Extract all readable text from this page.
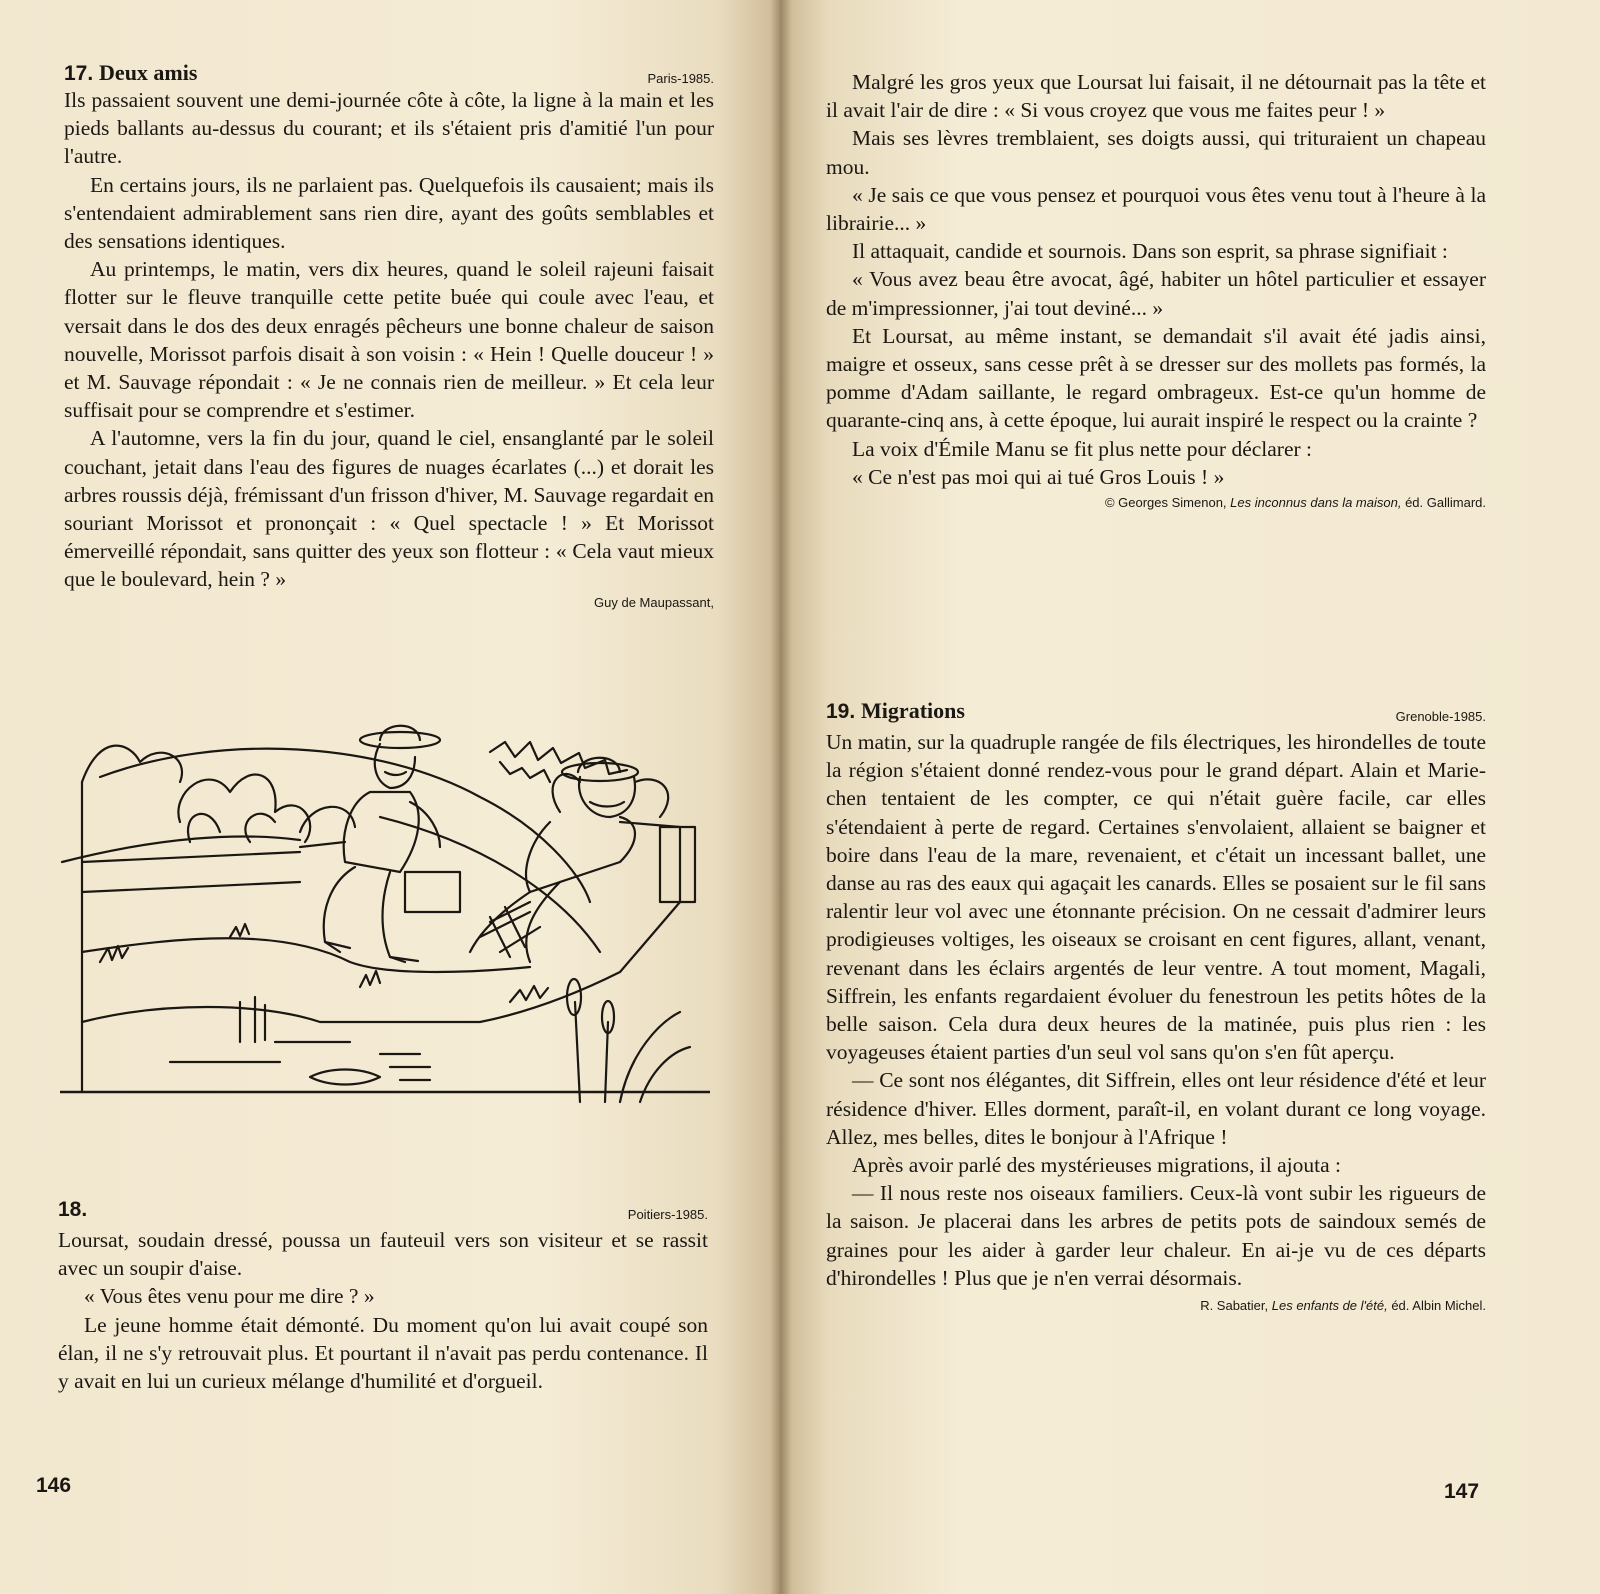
17. Deux amis	Paris-1985.

Ils passaient souvent une demi-journée côte à côte, la ligne à la main et les pieds ballants au-dessus du courant; et ils s'étaient pris d'amitié l'un pour l'autre.

En certains jours, ils ne parlaient pas. Quelquefois ils causaient; mais ils s'entendaient admirablement sans rien dire, ayant des goûts semblables et des sensations identiques.

Au printemps, le matin, vers dix heures, quand le soleil rajeuni faisait flotter sur le fleuve tranquille cette petite buée qui coule avec l'eau, et versait dans le dos des deux enragés pêcheurs une bonne chaleur de saison nouvelle, Morissot parfois disait à son voisin : « Hein ! Quelle douceur ! » et M. Sauvage répondait : « Je ne connais rien de meilleur. » Et cela leur suffisait pour se comprendre et s'estimer.

A l'automne, vers la fin du jour, quand le ciel, ensanglanté par le soleil couchant, jetait dans l'eau des figures de nuages écarlates (...) et dorait les arbres roussis déjà, frémissant d'un frisson d'hiver, M. Sauvage regardait en souriant Morissot et prononçait : « Quel spectacle ! » Et Morissot émerveillé répondait, sans quitter des yeux son flotteur : « Cela vaut mieux que le boulevard, hein ? »

Guy de Maupassant,
18.	Poitiers-1985.

Loursat, soudain dressé, poussa un fauteuil vers son visiteur et se rassit avec un soupir d'aise.

« Vous êtes venu pour me dire ? »

Le jeune homme était démonté. Du moment qu'on lui avait coupé son élan, il ne s'y retrouvait plus. Et pourtant il n'avait pas perdu contenance. Il y avait en lui un curieux mélange d'humilité et d'orgueil.

146

Malgré les gros yeux que Loursat lui faisait, il ne détournait pas la tête et il avait l'air de dire : « Si vous croyez que vous me faites peur ! »

Mais ses lèvres tremblaient, ses doigts aussi, qui trituraient un chapeau mou.

« Je sais ce que vous pensez et pourquoi vous êtes venu tout à l'heure à la librairie... »

Il attaquait, candide et sournois. Dans son esprit, sa phrase signifiait :

« Vous avez beau être avocat, âgé, habiter un hôtel particulier et essayer de m'impressionner, j'ai tout deviné... »

Et Loursat, au même instant, se demandait s'il avait été jadis ainsi, maigre et osseux, sans cesse prêt à se dresser sur des mollets pas formés, la pomme d'Adam saillante, le regard ombrageux. Est-ce qu'un homme de quarante-cinq ans, à cette époque, lui aurait inspiré le respect ou la crainte ?

La voix d'Émile Manu se fit plus nette pour déclarer :

« Ce n'est pas moi qui ai tué Gros Louis ! »

© Georges Simenon, Les inconnus dans la maison, éd. Gallimard.

19. Migrations	Grenoble-1985.

Un matin, sur la quadruple rangée de fils électriques, les hirondelles de toute la région s'étaient donné rendez-vous pour le grand départ. Alain et Marie-chen tentaient de les compter, ce qui n'était guère facile, car elles s'étendaient à perte de regard. Certaines s'envolaient, allaient se baigner et boire dans l'eau de la mare, revenaient, et c'était un incessant ballet, une danse au ras des eaux qui agaçait les canards. Elles se posaient sur le fil sans ralentir leur vol avec une étonnante précision. On ne cessait d'admirer leurs prodigieuses voltiges, les oiseaux se croisant en cent figures, allant, venant, revenant dans les éclairs argentés de leur ventre. A tout moment, Magali, Siffrein, les enfants regardaient évoluer du fenestroun les petits hôtes de la belle saison. Cela dura deux heures de la matinée, puis plus rien : les voyageuses étaient parties d'un seul vol sans qu'on s'en fût aperçu.

— Ce sont nos élégantes, dit Siffrein, elles ont leur résidence d'été et leur résidence d'hiver. Elles dorment, paraît-il, en volant durant ce long voyage. Allez, mes belles, dites le bonjour à l'Afrique !

Après avoir parlé des mystérieuses migrations, il ajouta :

— Il nous reste nos oiseaux familiers. Ceux-là vont subir les rigueurs de la saison. Je placerai dans les arbres de petits pots de saindoux semés de graines pour les aider à garder leur chaleur. En ai-je vu de ces départs d'hirondelles ! Plus que je n'en verrai désormais.

R. Sabatier, Les enfants de l'été, éd. Albin Michel.

147
